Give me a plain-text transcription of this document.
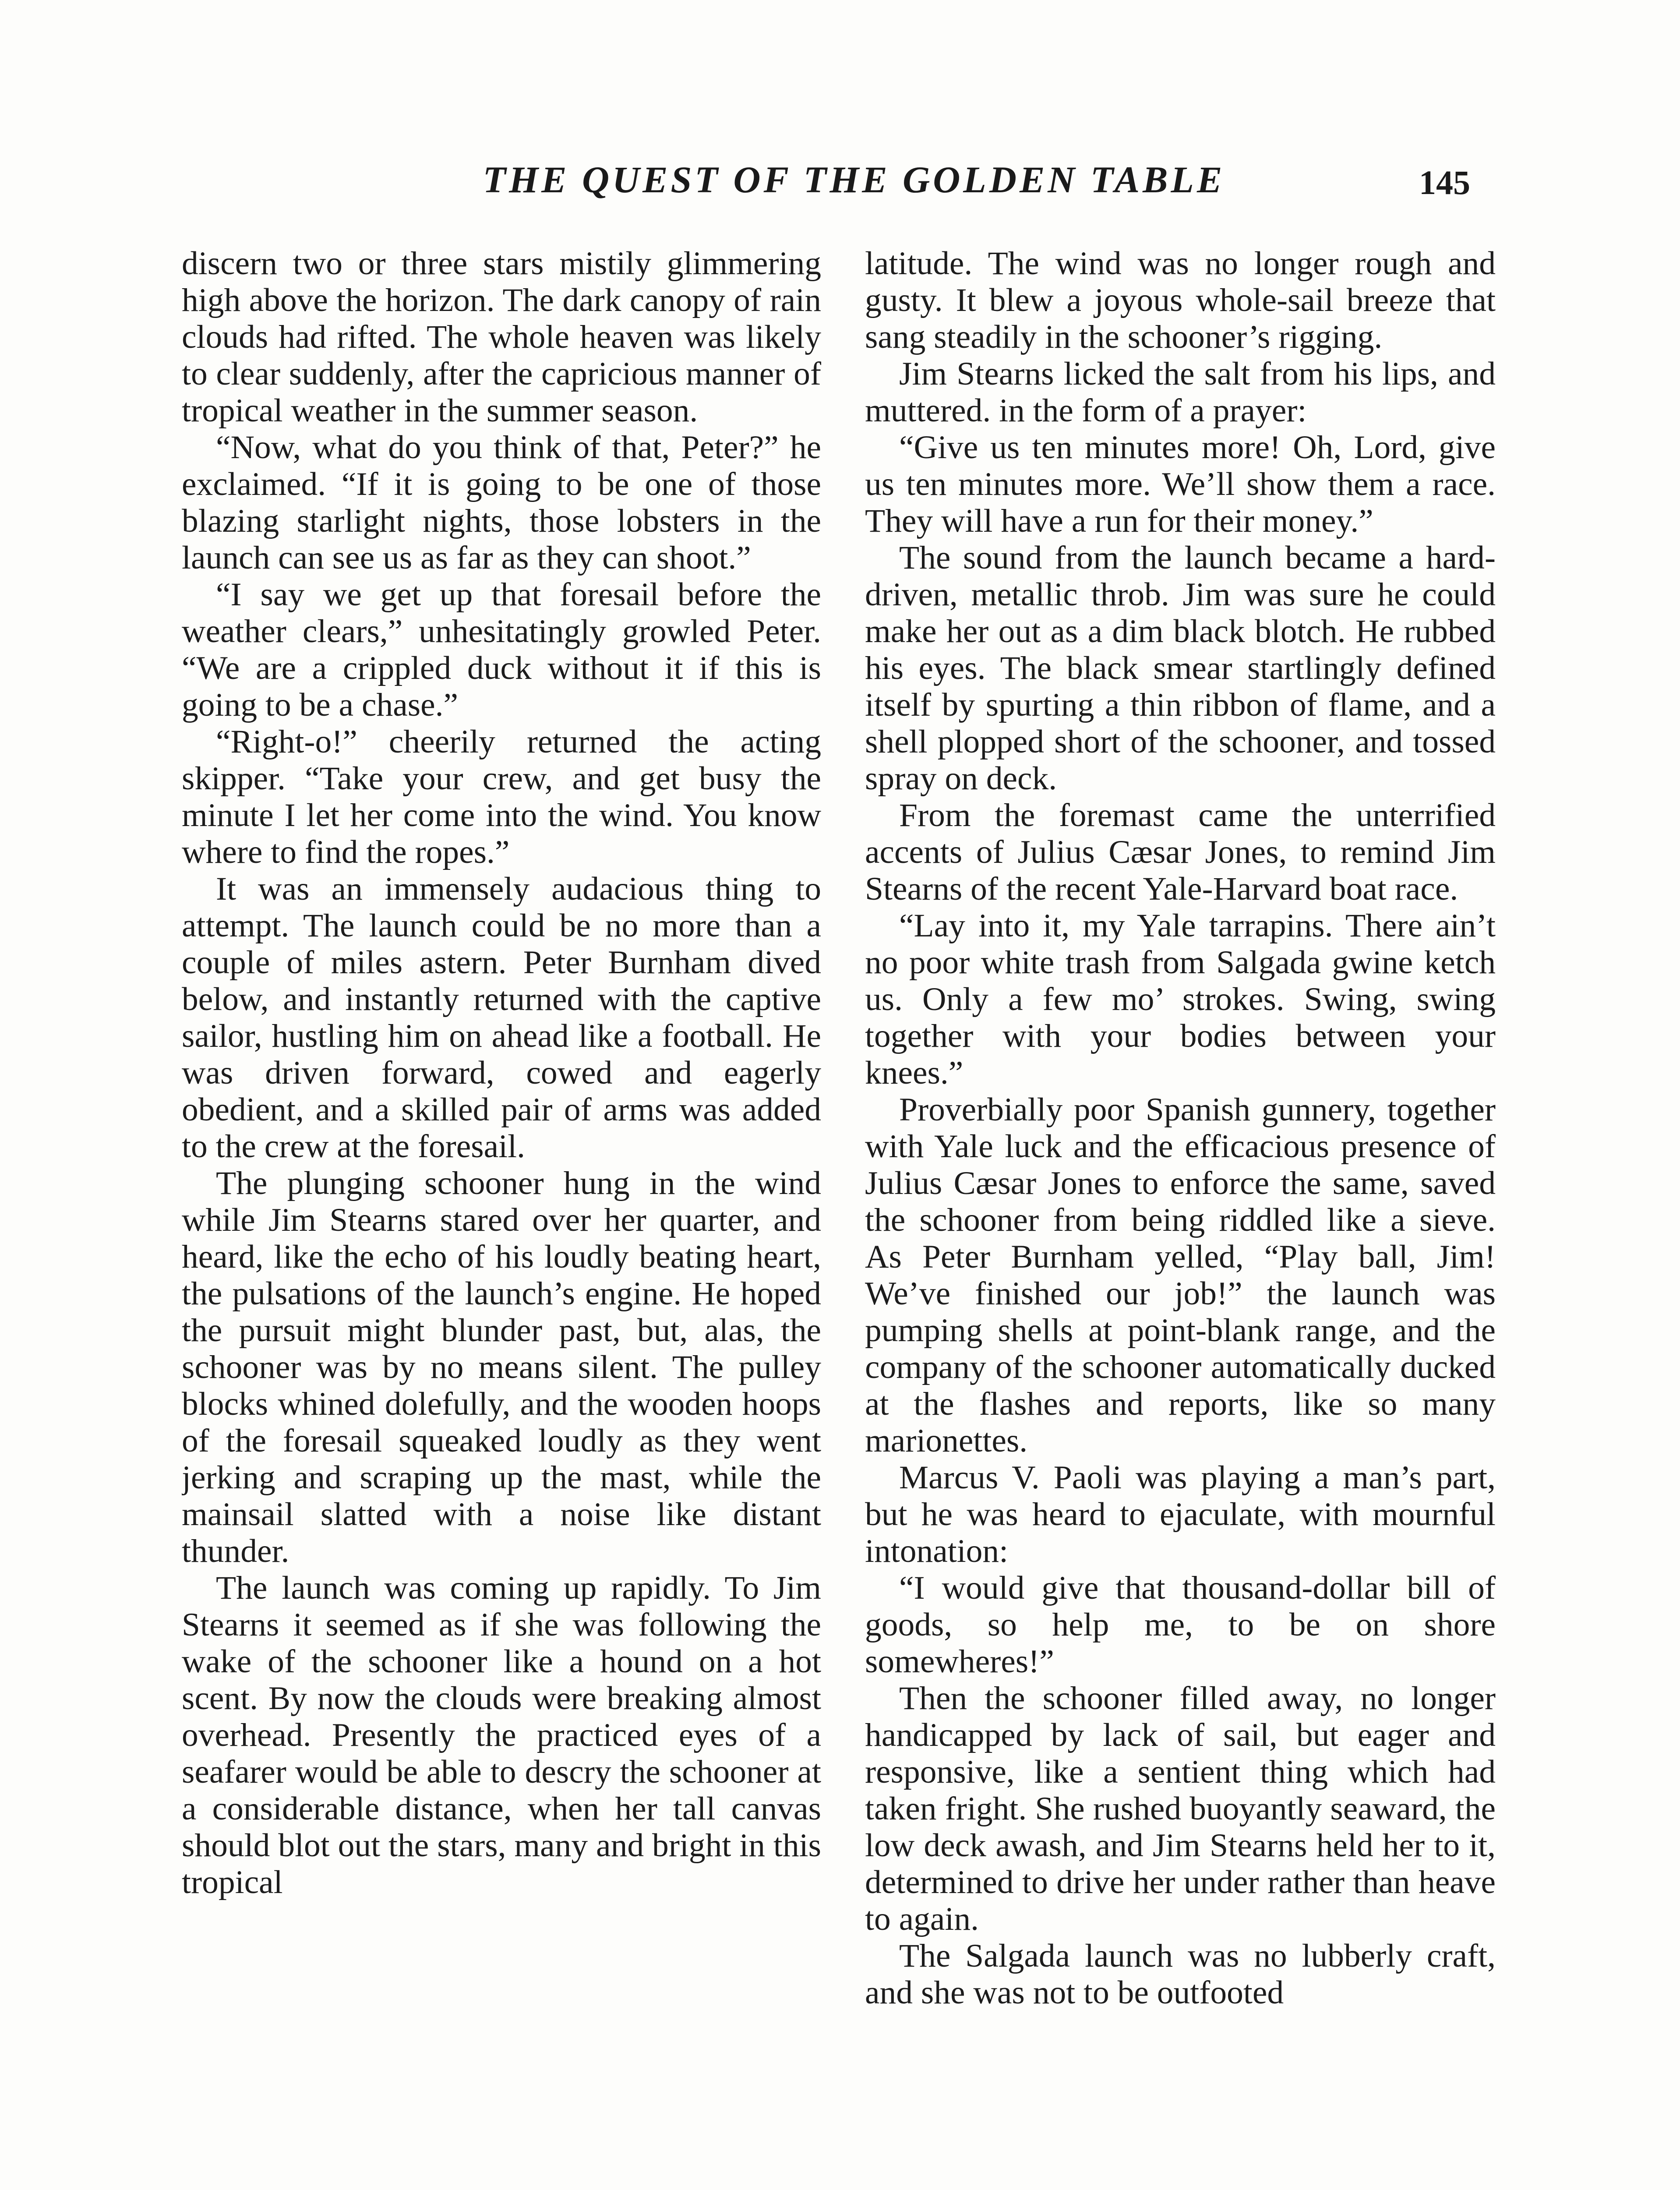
THE QUEST OF THE GOLDEN TABLE	145

discern two or three stars mistily glimmering high above the horizon. The dark canopy of rain clouds had rifted. The whole heaven was likely to clear suddenly, after the capricious manner of tropical weather in the summer season.

“Now, what do you think of that, Peter?” he exclaimed. “If it is going to be one of those blazing starlight nights, those lobsters in the launch can see us as far as they can shoot.”

“I say we get up that foresail before the weather clears,” unhesitatingly growled Peter. “We are a crippled duck without it if this is going to be a chase.”

“Right-o!” cheerily returned the acting skipper. “Take your crew, and get busy the minute I let her come into the wind. You know where to find the ropes.”

It was an immensely audacious thing to attempt. The launch could be no more than a couple of miles astern. Peter Burnham dived below, and instantly returned with the captive sailor, hustling him on ahead like a football. He was driven forward, cowed and eagerly obedient, and a skilled pair of arms was added to the crew at the foresail.

The plunging schooner hung in the wind while Jim Stearns stared over her quarter, and heard, like the echo of his loudly beating heart, the pulsations of the launch’s engine. He hoped the pursuit might blunder past, but, alas, the schooner was by no means silent. The pulley blocks whined dolefully, and the wooden hoops of the foresail squeaked loudly as they went jerking and scraping up the mast, while the mainsail slatted with a noise like distant thunder.

The launch was coming up rapidly. To Jim Stearns it seemed as if she was following the wake of the schooner like a hound on a hot scent. By now the clouds were breaking almost overhead. Presently the practiced eyes of a seafarer would be able to descry the schooner at a considerable distance, when her tall canvas should blot out the stars, many and bright in this tropical

latitude. The wind was no longer rough and gusty. It blew a joyous whole-sail breeze that sang steadily in the schooner’s rigging.

Jim Stearns licked the salt from his lips, and muttered. in the form of a prayer:

“Give us ten minutes more! Oh, Lord, give us ten minutes more. We’ll show them a race. They will have a run for their money.”

The sound from the launch became a hard-driven, metallic throb. Jim was sure he could make her out as a dim black blotch. He rubbed his eyes. The black smear startlingly defined itself by spurting a thin ribbon of flame, and a shell plopped short of the schooner, and tossed spray on deck.

From the foremast came the unterrified accents of Julius Cæsar Jones, to remind Jim Stearns of the recent Yale-Harvard boat race.

“Lay into it, my Yale tarrapins. There ain’t no poor white trash from Salgada gwine ketch us. Only a few mo’ strokes. Swing, swing together with your bodies between your knees.”

Proverbially poor Spanish gunnery, together with Yale luck and the efficacious presence of Julius Cæsar Jones to enforce the same, saved the schooner from being riddled like a sieve. As Peter Burnham yelled, “Play ball, Jim! We’ve finished our job!” the launch was pumping shells at point-blank range, and the company of the schooner automatically ducked at the flashes and reports, like so many marionettes.

Marcus V. Paoli was playing a man’s part, but he was heard to ejaculate, with mournful intonation:

“I would give that thousand-dollar bill of goods, so help me, to be on shore somewheres!”

Then the schooner filled away, no longer handicapped by lack of sail, but eager and responsive, like a sentient thing which had taken fright. She rushed buoyantly seaward, the low deck awash, and Jim Stearns held her to it, determined to drive her under rather than heave to again.

The Salgada launch was no lubberly craft, and she was not to be outfooted
